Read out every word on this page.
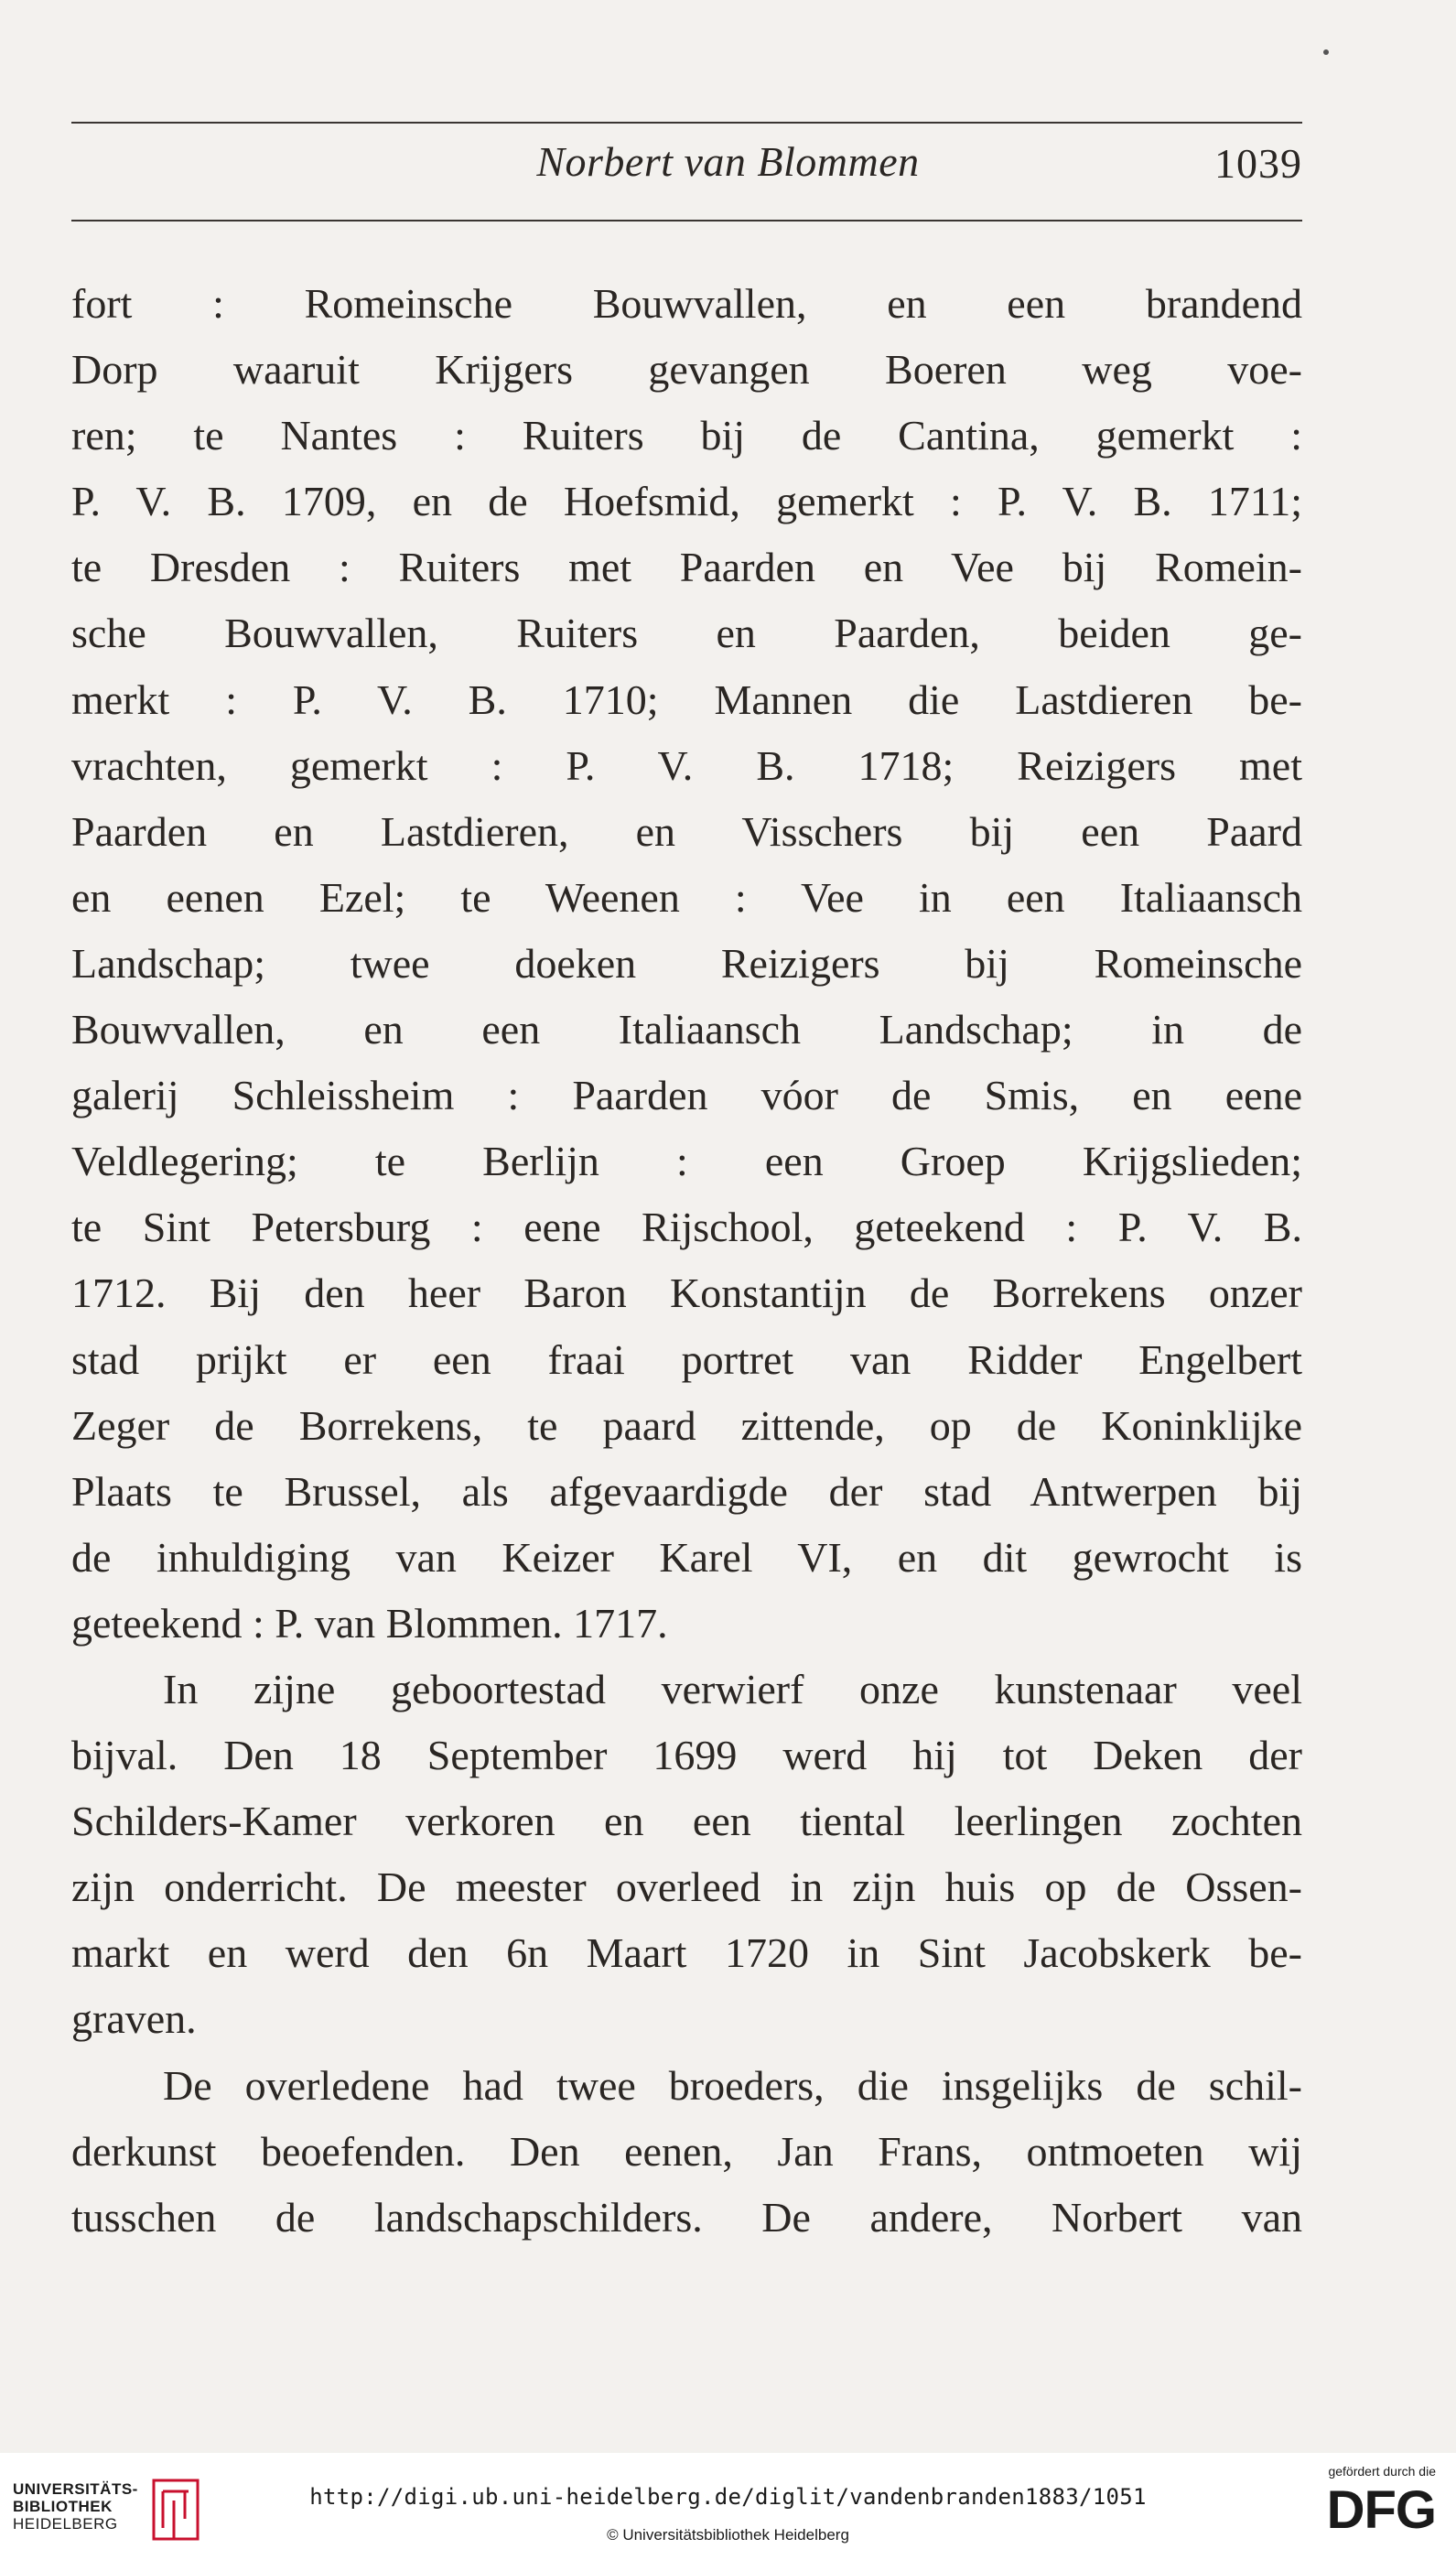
Norbert van Blommen	1039
fort : Romeinsche Bouwvallen, en een brandend
Dorp waaruit Krijgers gevangen Boeren weg voe-
ren; te Nantes : Ruiters bij de Cantina, gemerkt :
P. V. B. 1709, en de Hoefsmid, gemerkt : P. V. B. 1711;
te Dresden : Ruiters met Paarden en Vee bij Romein-
sche Bouwvallen, Ruiters en Paarden, beiden ge-
merkt : P. V. B. 1710; Mannen die Lastdieren be-
vrachten, gemerkt : P. V. B. 1718; Reizigers met
Paarden en Lastdieren, en Visschers bij een Paard
en eenen Ezel; te Weenen : Vee in een Italiaansch
Landschap; twee doeken Reizigers bij Romeinsche
Bouwvallen, en een Italiaansch Landschap; in de
galerij Schleissheim : Paarden vóor de Smis, en eene
Veldlegering; te Berlijn : een Groep Krijgslieden;
te Sint Petersburg : eene Rijschool, geteekend : P. V. B.
1712. Bij den heer Baron Konstantijn de Borrekens onzer
stad prijkt er een fraai portret van Ridder Engelbert
Zeger de Borrekens, te paard zittende, op de Koninklijke
Plaats te Brussel, als afgevaardigde der stad Antwerpen bij
de inhuldiging van Keizer Karel VI, en dit gewrocht is
geteekend : P. van Blommen. 1717.
In zijne geboortestad verwierf onze kunstenaar veel
bijval. Den 18 September 1699 werd hij tot Deken der
Schilders-Kamer verkoren en een tiental leerlingen zochten
zijn onderricht. De meester overleed in zijn huis op de Ossen-
markt en werd den 6n Maart 1720 in Sint Jacobskerk be-
graven.
De overledene had twee broeders, die insgelijks de schil-
derkunst beoefenden. Den eenen, Jan Frans, ontmoeten wij
tusschen de landschapschilders. De andere, Norbert van
UNIVERSITÄTS-
BIBLIOTHEK
HEIDELBERG
http://digi.ub.uni-heidelberg.de/diglit/vandenbranden1883/1051
© Universitätsbibliothek Heidelberg
gefördert durch die
DFG
